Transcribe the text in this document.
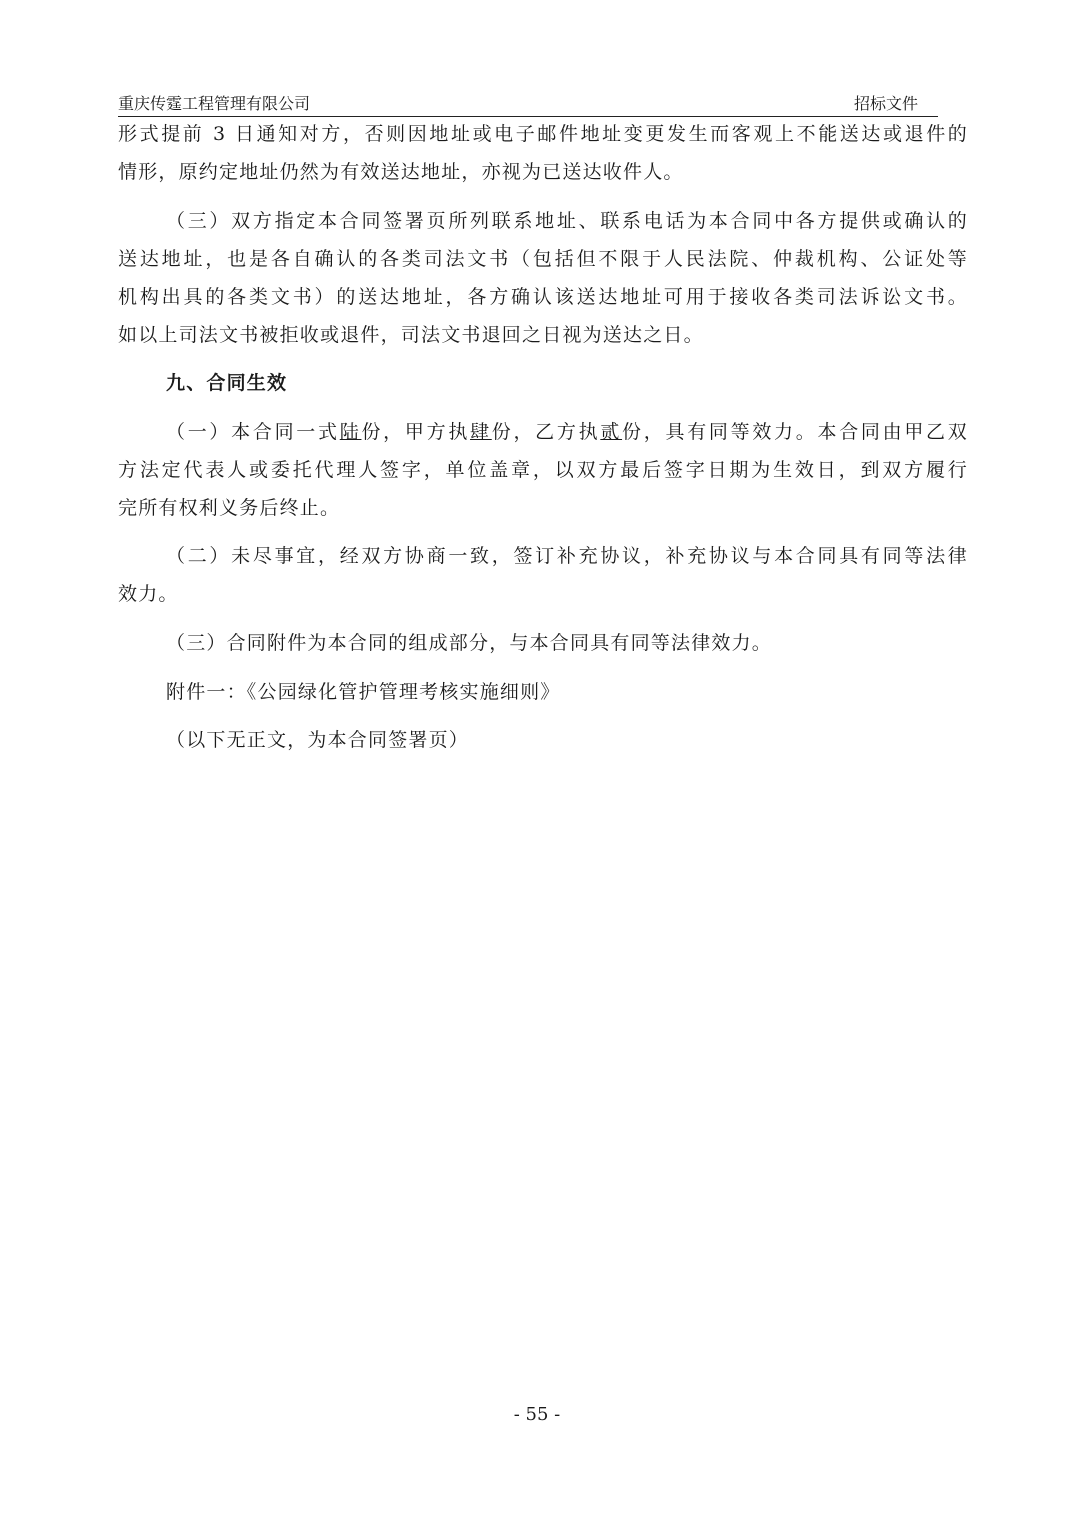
重庆传霆工程管理有限公司	招标文件

形式提前 3 日通知对方，否则因地址或电子邮件地址变更发生而客观上不能送达或退件的

情形，原约定地址仍然为有效送达地址，亦视为已送达收件人。

（三）双方指定本合同签署页所列联系地址、联系电话为本合同中各方提供或确认的

送达地址，也是各自确认的各类司法文书（包括但不限于人民法院、仲裁机构、公证处等

机构出具的各类文书）的送达地址，各方确认该送达地址可用于接收各类司法诉讼文书。

如以上司法文书被拒收或退件，司法文书退回之日视为送达之日。

九、合同生效

（一）本合同一式陆份，甲方执肆份，乙方执贰份，具有同等效力。本合同由甲乙双

方法定代表人或委托代理人签字，单位盖章，以双方最后签字日期为生效日，到双方履行

完所有权利义务后终止。

（二）未尽事宜，经双方协商一致，签订补充协议，补充协议与本合同具有同等法律

效力。

（三）合同附件为本合同的组成部分，与本合同具有同等法律效力。

附件一：《公园绿化管护管理考核实施细则》

（以下无正文，为本合同签署页）

- 55 -
